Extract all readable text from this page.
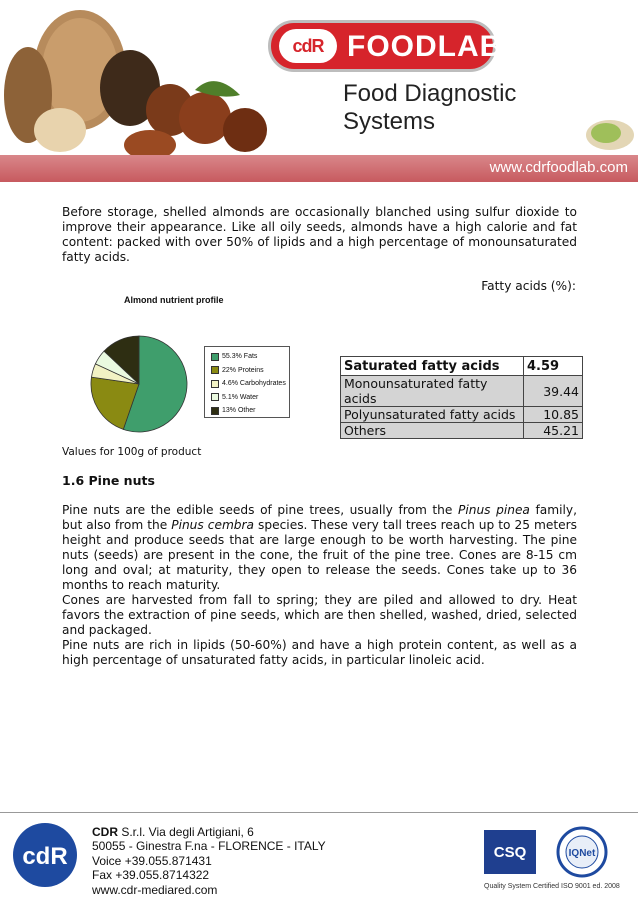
cdR FOODLAB
Food Diagnostic
Systems
www.cdrfoodlab.com

Before storage, shelled almonds are occasionally blanched using sulfur dioxide to improve their appearance. Like all oily seeds, almonds have a high calorie and fat content: packed with over 50% of lipids and a high percentage of monounsaturated fatty acids.

Fatty acids (%):
Almond nutrient profile
55.3% Fats
22% Proteins
4.6% Carbohydrates
5.1% Water
13% Other
Saturated fatty acids	4.59
Monounsaturated fatty acids	39.44
Polyunsaturated fatty acids	10.85
Others	45.21
Values for 100g of product
1.6 Pine nuts

Pine nuts are the edible seeds of pine trees, usually from the Pinus pinea family, but also from the Pinus cembra species. These very tall trees reach up to 25 meters height and produce seeds that are large enough to be worth harvesting. The pine nuts (seeds) are present in the cone, the fruit of the pine tree. Cones are 8-15 cm long and oval; at maturity, they open to release the seeds. Cones take up to 36 months to reach maturity.
Cones are harvested from fall to spring; they are piled and allowed to dry. Heat favors the extraction of pine seeds, which are then shelled, washed, dried, selected and packaged.
Pine nuts are rich in lipids (50-60%) and have a high protein content, as well as a high percentage of unsaturated fatty acids, in particular linoleic acid.

cdR
CDR S.r.l. Via degli Artigiani, 6
50055 - Ginestra F.na - FLORENCE - ITALY
Voice +39.055.871431
Fax +39.055.8714322
www.cdr-mediared.com
CSQ	IQNet
Quality System Certified ISO 9001 ed. 2008
